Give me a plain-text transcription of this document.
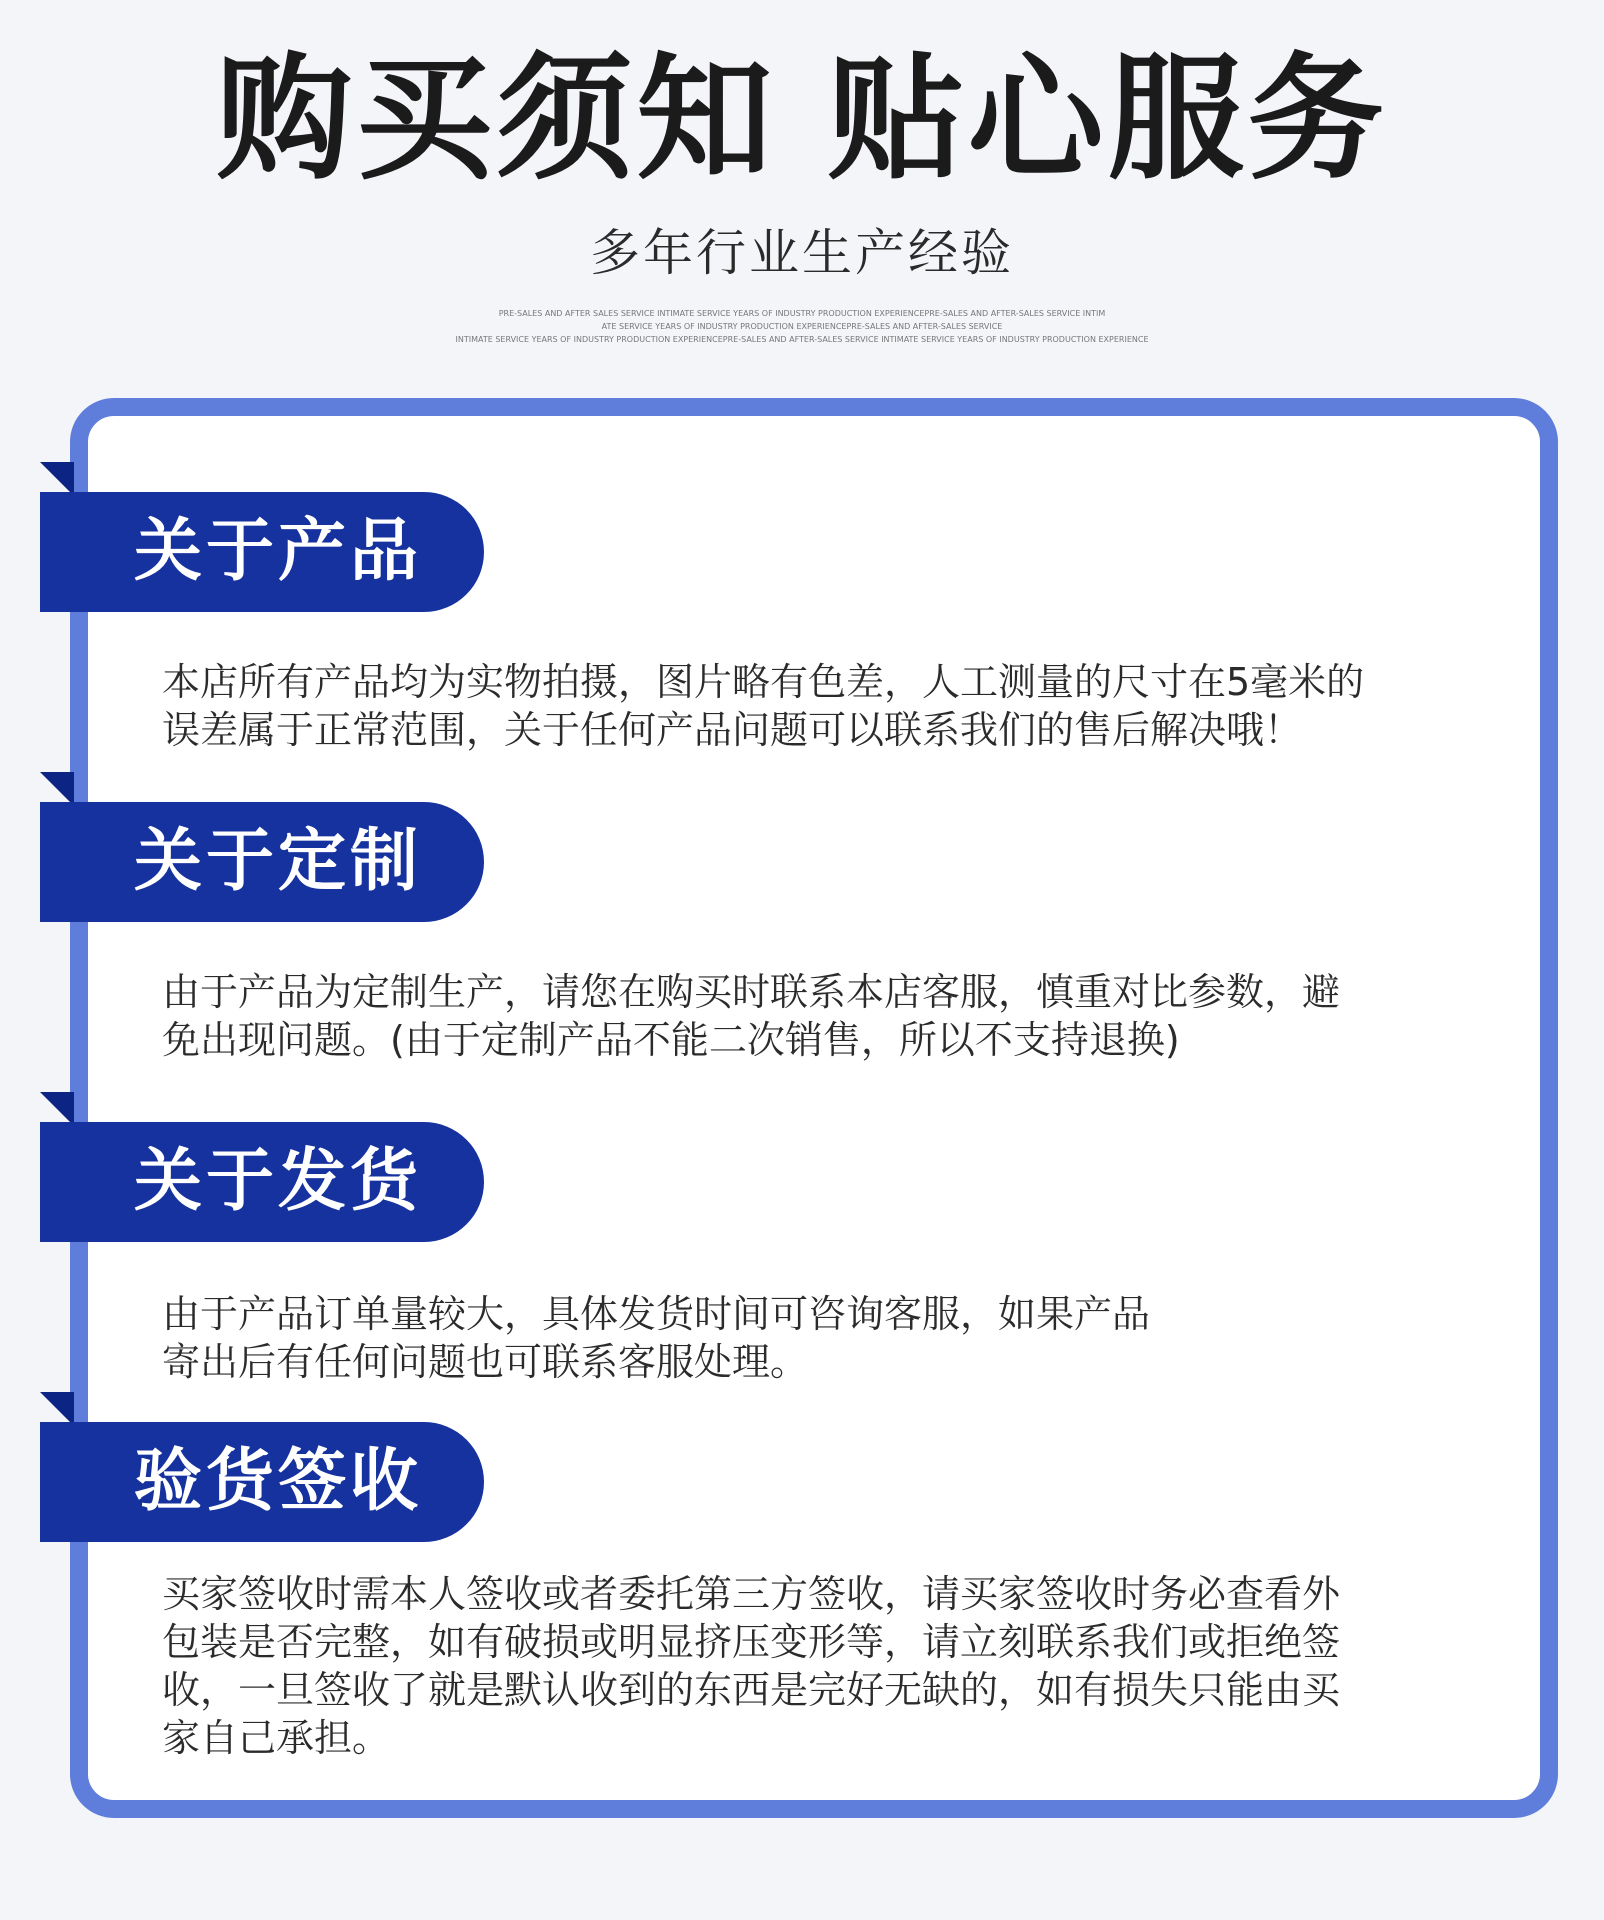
购买须知 贴心服务
多年行业生产经验
PRE-SALES AND AFTER SALES SERVICE INTIMATE SERVICE YEARS OF INDUSTRY PRODUCTION EXPERIENCEPRE-SALES AND AFTER-SALES SERVICE INTIM
ATE SERVICE YEARS OF INDUSTRY PRODUCTION EXPERIENCEPRE-SALES AND AFTER-SALES SERVICE
INTIMATE SERVICE YEARS OF INDUSTRY PRODUCTION EXPERIENCEPRE-SALES AND AFTER-SALES SERVICE INTIMATE SERVICE YEARS OF INDUSTRY PRODUCTION EXPERIENCE
关于产品
本店所有产品均为实物拍摄，图片略有色差，人工测量的尺寸在5毫米的
误差属于正常范围，关于任何产品问题可以联系我们的售后解决哦！
关于定制
由于产品为定制生产，请您在购买时联系本店客服，慎重对比参数，避
免出现问题。(由于定制产品不能二次销售，所以不支持退换)
关于发货
由于产品订单量较大，具体发货时间可咨询客服，如果产品
寄出后有任何问题也可联系客服处理。
验货签收
买家签收时需本人签收或者委托第三方签收，请买家签收时务必查看外
包装是否完整，如有破损或明显挤压变形等，请立刻联系我们或拒绝签
收，一旦签收了就是默认收到的东西是完好无缺的，如有损失只能由买
家自己承担。
